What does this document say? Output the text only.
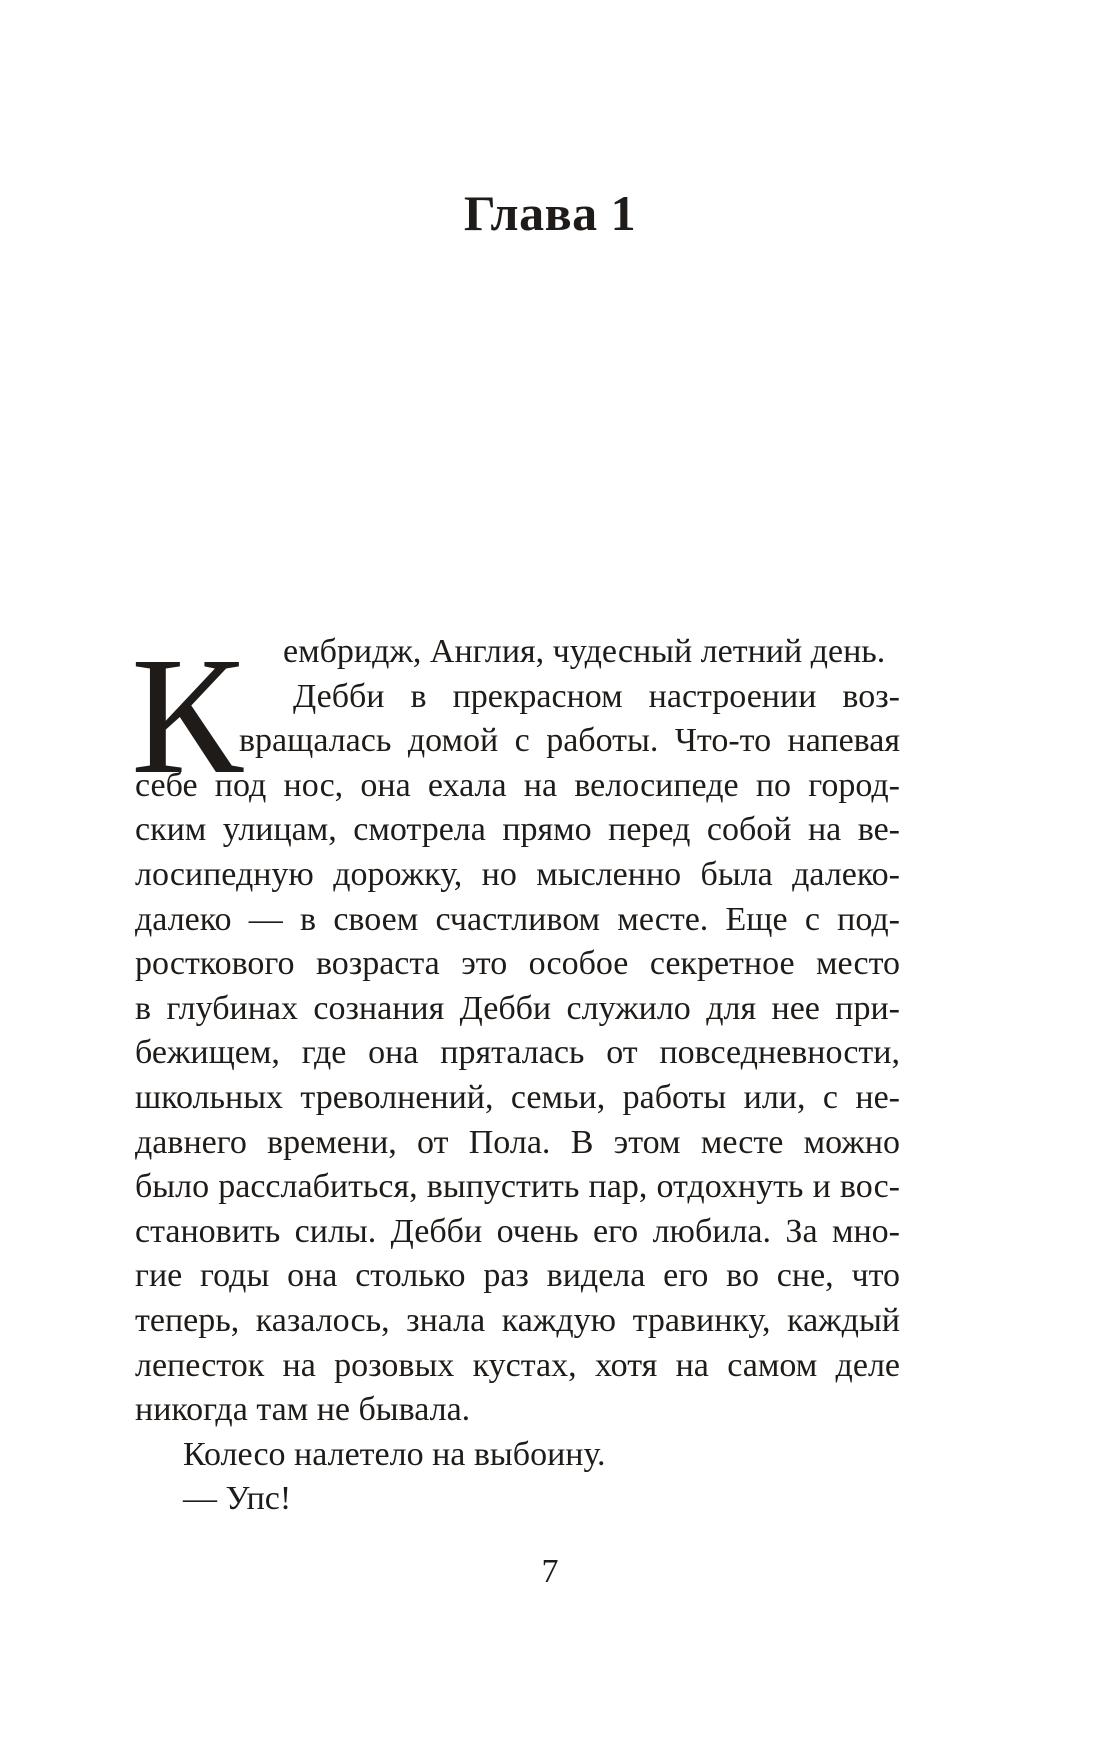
Глава 1
К	ембридж, Англия, чудесный летний день.
Дебби в прекрасном настроении воз-
вращалась домой с работы. Что-то напевая
себе под нос, она ехала на велосипеде по город-
ским улицам, смотрела прямо перед собой на ве-
лосипедную дорожку, но мысленно была далеко-
далеко — в своем счастливом месте. Еще с под-
росткового возраста это особое секретное место
в глубинах сознания Дебби служило для нее при-
бежищем, где она пряталась от повседневности,
школьных треволнений, семьи, работы или, с не-
давнего времени, от Пола. В этом месте можно
было расслабиться, выпустить пар, отдохнуть и вос-
становить силы. Дебби очень его любила. За мно-
гие годы она столько раз видела его во сне, что
теперь, казалось, знала каждую травинку, каждый
лепесток на розовых кустах, хотя на самом деле
никогда там не бывала.
Колесо налетело на выбоину.
— Упс!
7
